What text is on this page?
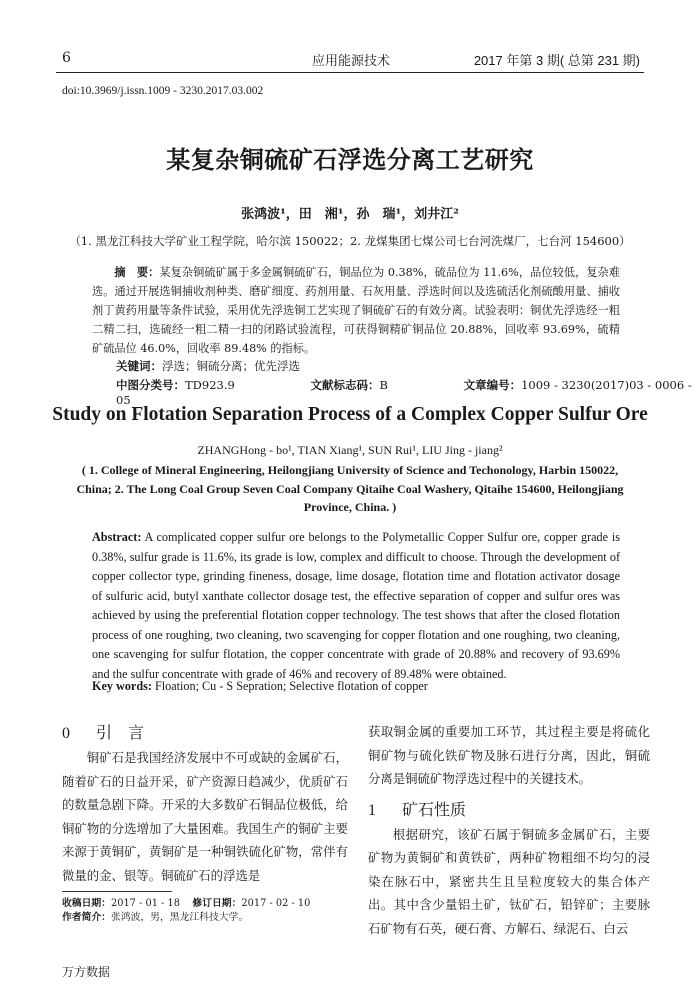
6	应用能源技术	2017 年第 3 期( 总第 231 期)
doi:10.3969/j.issn.1009 - 3230.2017.03.002
某复杂铜硫矿石浮选分离工艺研究
张鸿波¹，田　湘¹，孙　瑞¹，刘井江²
（1. 黑龙江科技大学矿业工程学院，哈尔滨 150022；2. 龙煤集团七煤公司七台河洗煤厂，七台河 154600）
摘　要：某复杂铜硫矿属于多金属铜硫矿石，铜品位为 0.38%，硫品位为 11.6%，品位较低，复杂难选。通过开展选铜捕收剂种类、磨矿细度、药剂用量、石灰用量、浮选时间以及选硫活化剂硫酸用量、捕收剂丁黄药用量等条件试验，采用优先浮选铜工艺实现了铜硫矿石的有效分离。试验表明：铜优先浮选经一粗二精二扫，选硫经一粗二精一扫的闭路试验流程，可获得铜精矿铜品位 20.88%，回收率 93.69%，硫精矿硫品位 46.0%，回收率 89.48% 的指标。
关键词：浮选；铜硫分离；优先浮选
中图分类号：TD923.9	文献标志码：B	文章编号：1009 - 3230(2017)03 - 0006 - 05
Study on Flotation Separation Process of a Complex Copper Sulfur Ore
ZHANGHong - bo¹, TIAN Xiang¹, SUN Rui¹, LIU Jing - jiang²
( 1. College of Mineral Engineering, Heilongjiang University of Science and Techonology, Harbin 150022, China; 2. The Long Coal Group Seven Coal Company Qitaihe Coal Washery, Qitaihe 154600, Heilongjiang Province, China. )
Abstract: A complicated copper sulfur ore belongs to the Polymetallic Copper Sulfur ore, copper grade is 0.38%, sulfur grade is 11.6%, its grade is low, complex and difficult to choose. Through the development of copper collector type, grinding fineness, dosage, lime dosage, flotation time and flotation activator dosage of sulfuric acid, butyl xanthate collector dosage test, the effective separation of copper and sulfur ores was achieved by using the preferential flotation copper technology. The test shows that after the closed flotation process of one roughing, two cleaning, two scavenging for copper flotation and one roughing, two cleaning, one scavenging for sulfur flotation, the copper concentrate with grade of 20.88% and recovery of 93.69% and the sulfur concentrate with grade of 46% and recovery of 89.48% were obtained.
Key words: Floation; Cu - S Sepration; Selective flotation of copper
0 引　言

铜矿石是我国经济发展中不可或缺的金属矿石，随着矿石的日益开采，矿产资源日趋减少，优质矿石的数量急剧下降。开采的大多数矿石铜品位极低，给铜矿物的分选增加了大量困难。我国生产的铜矿主要来源于黄铜矿，黄铜矿是一种铜铁硫化矿物，常伴有微量的金、银等。铜硫矿石的浮选是

获取铜金属的重要加工环节，其过程主要是将硫化铜矿物与硫化铁矿物及脉石进行分离，因此，铜硫分离是铜硫矿物浮选过程中的关键技术。

1 矿石性质

根据研究，该矿石属于铜硫多金属矿石，主要矿物为黄铜矿和黄铁矿，两种矿物粗细不均匀的浸染在脉石中，紧密共生且呈粒度较大的集合体产出。其中含少量铝土矿，钛矿石，铅锌矿；主要脉石矿物有石英，硬石膏、方解石、绿泥石、白云

收稿日期：2017 - 01 - 18 修订日期：2017 - 02 - 10
作者简介：张鸿波，男，黑龙江科技大学。
万方数据
